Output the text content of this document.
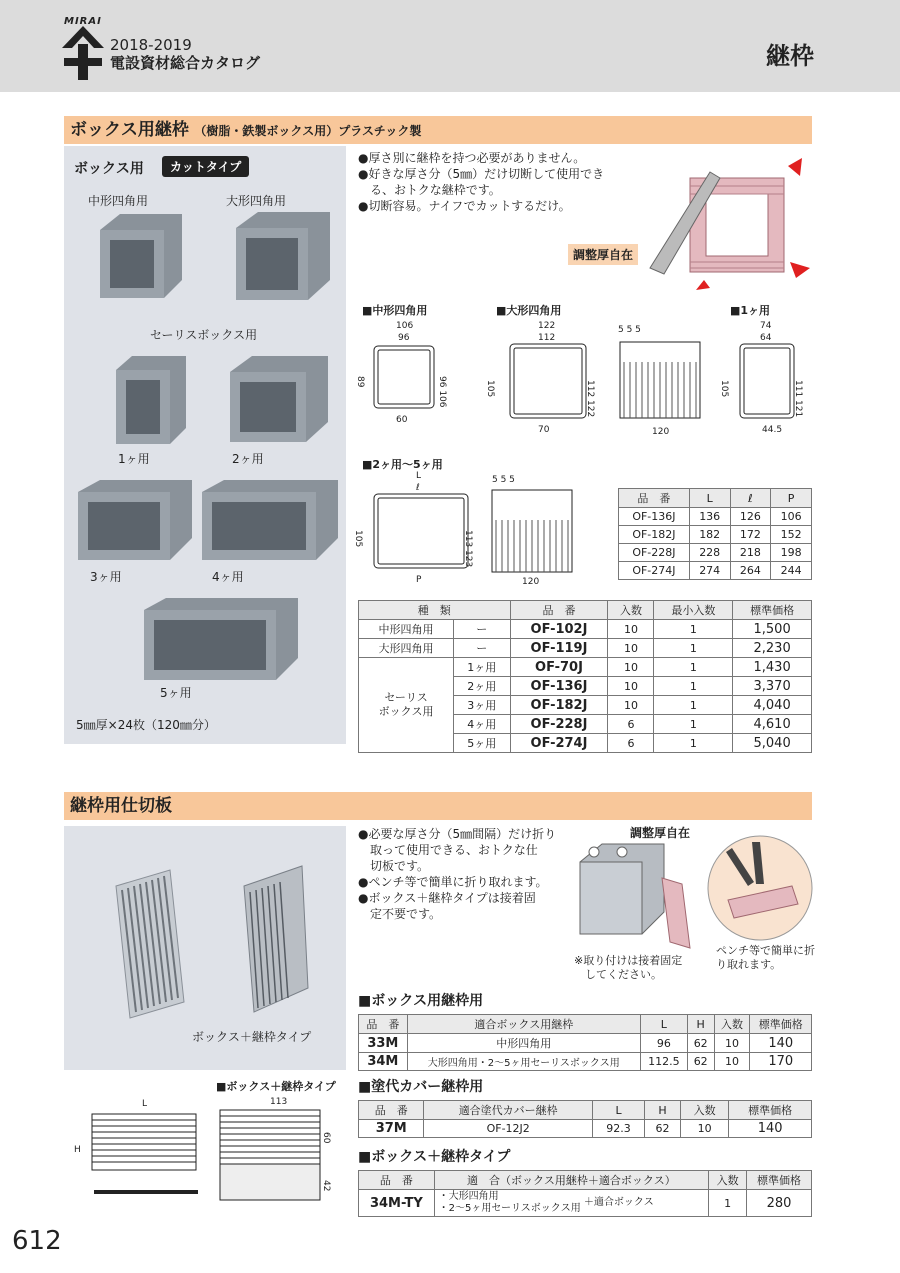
MIRAI
2018-2019
電設資材総合カタログ	継枠
ボックス用継枠 （樹脂・鉄製ボックス用）プラスチック製
ボックス用	カットタイプ
中形四角用	大形四角用
セーリスボックス用
1ヶ用	2ヶ用
3ヶ用	4ヶ用
5ヶ用
5㎜厚×24枚（120㎜分）
●厚さ別に継枠を持つ必要がありません。
●好きな厚さ分（5㎜）だけ切断して使用でき
　る、おトクな継枠です。
●切断容易。ナイフでカットするだけ。
調整厚自在
■中形四角用	■大形四角用	■1ヶ用
■2ヶ用〜5ヶ用
106
96
60
89	96 106
122
112
70
105	112 122
5 5 5
120
74
64
44.5
105	111 121
L
ℓ
P
105	113 123
5 5 5
120
品　番	L	ℓ	P
OF-136J	136	126	106
OF-182J	182	172	152
OF-228J	228	218	198
OF-274J	274	264	244
種　類		品　番	入数	最小入数	標準価格
中形四角用	ー	OF-102J	10	1	1,500
大形四角用	ー	OF-119J	10	1	2,230

セーリス
ボックス用	1ヶ用	OF-70J	10	1	1,430
	2ヶ用	OF-136J	10	1	3,370
	3ヶ用	OF-182J	10	1	4,040
	4ヶ用	OF-228J	6	1	4,610
	5ヶ用	OF-274J	6	1	5,040
継枠用仕切板
ボックス＋継枠タイプ
●必要な厚さ分（5㎜間隔）だけ折り
　取って使用できる、おトクな仕
　切板です。
●ペンチ等で簡単に折り取れます。
●ボックス＋継枠タイプは接着固
　定不要です。
調整厚自在
※取り付けは接着固定
　してください。
ペンチ等で簡単に折
り取れます。
■ボックス＋継枠タイプ
L
H
113
60
42
■ボックス用継枠用
品　番	適合ボックス用継枠	L	H	入数	標準価格
33M	中形四角用	96	62	10	140
34M	大形四角用・2〜5ヶ用セーリスボックス用	112.5	62	10	170
■塗代カバー継枠用
品　番	適合塗代カバー継枠	L	H	入数	標準価格
37M	OF-12J2	92.3	62	10	140
■ボックス＋継枠タイプ
品　番	適　合（ボックス用継枠＋適合ボックス）	入数	標準価格
34M-TY	・大形四角用
・2〜5ヶ用セーリスボックス用
＋適合ボックス	1	280
612
